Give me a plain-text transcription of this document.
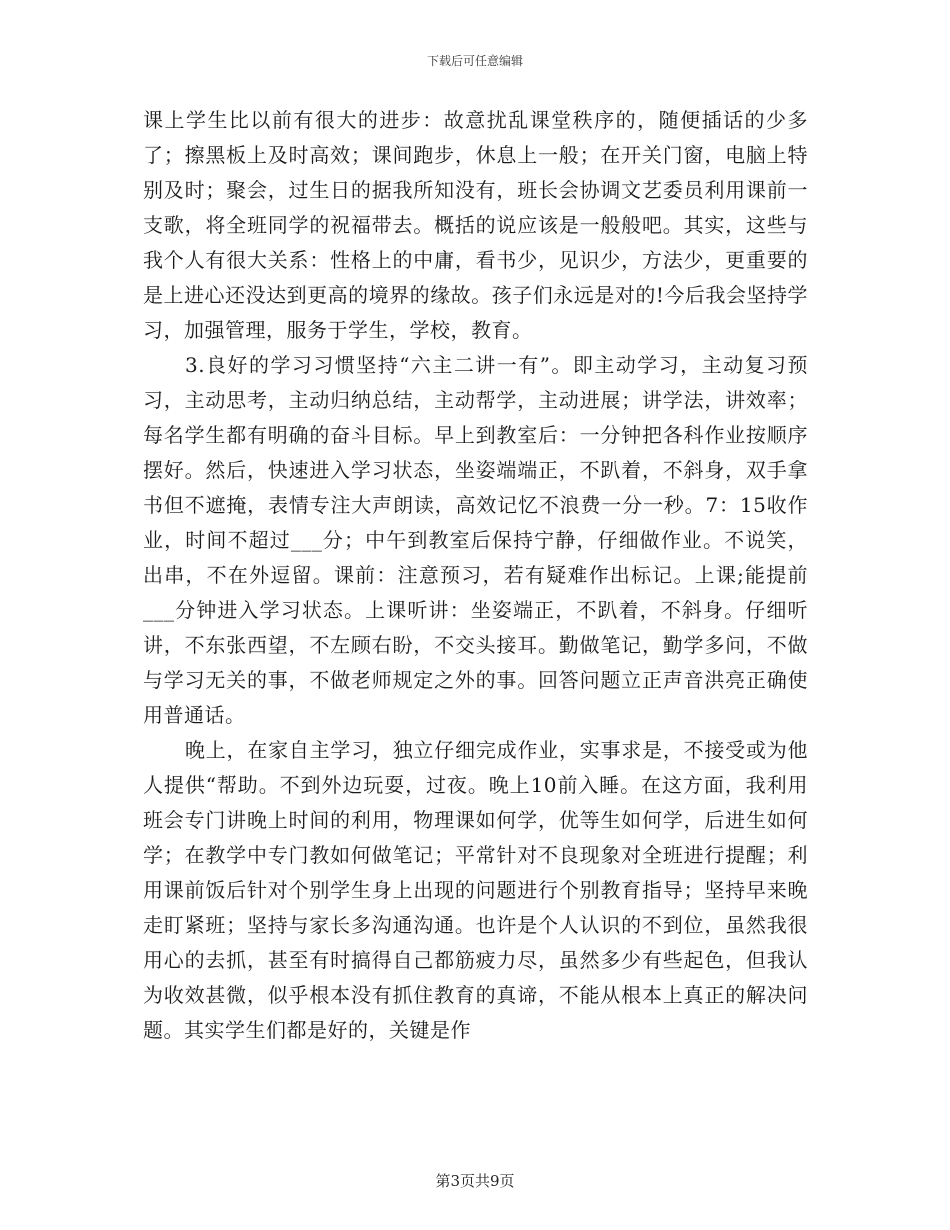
下载后可任意编辑

课上学生比以前有很大的进步：故意扰乱课堂秩序的，随便插话的少多了；擦黑板上及时高效；课间跑步，休息上一般；在开关门窗，电脑上特别及时；聚会，过生日的据我所知没有，班长会协调文艺委员利用课前一支歌，将全班同学的祝福带去。概括的说应该是一般般吧。其实，这些与我个人有很大关系：性格上的中庸，看书少，见识少，方法少，更重要的是上进心还没达到更高的境界的缘故。孩子们永远是对的!今后我会坚持学习，加强管理，服务于学生，学校，教育。

3.良好的学习习惯坚持“六主二讲一有”。即主动学习，主动复习预习，主动思考，主动归纳总结，主动帮学，主动进展；讲学法，讲效率；每名学生都有明确的奋斗目标。早上到教室后：一分钟把各科作业按顺序摆好。然后，快速进入学习状态，坐姿端端正，不趴着，不斜身，双手拿书但不遮掩，表情专注大声朗读，高效记忆不浪费一分一秒。7：15收作业，时间不超过___分；中午到教室后保持宁静，仔细做作业。不说笑，出串，不在外逗留。课前：注意预习，若有疑难作出标记。上课;能提前___分钟进入学习状态。上课听讲：坐姿端正，不趴着，不斜身。仔细听讲，不东张西望，不左顾右盼，不交头接耳。勤做笔记，勤学多问，不做与学习无关的事，不做老师规定之外的事。回答问题立正声音洪亮正确使用普通话。

晚上，在家自主学习，独立仔细完成作业，实事求是，不接受或为他人提供“帮助。不到外边玩耍，过夜。晚上10前入睡。在这方面，我利用班会专门讲晚上时间的利用，物理课如何学，优等生如何学，后进生如何学；在教学中专门教如何做笔记；平常针对不良现象对全班进行提醒；利用课前饭后针对个别学生身上出现的问题进行个别教育指导；坚持早来晚走盯紧班；坚持与家长多沟通沟通。也许是个人认识的不到位，虽然我很用心的去抓，甚至有时搞得自己都筋疲力尽，虽然多少有些起色，但我认为收效甚微，似乎根本没有抓住教育的真谛，不能从根本上真正的解决问题。其实学生们都是好的，关键是作

第3页共9页
